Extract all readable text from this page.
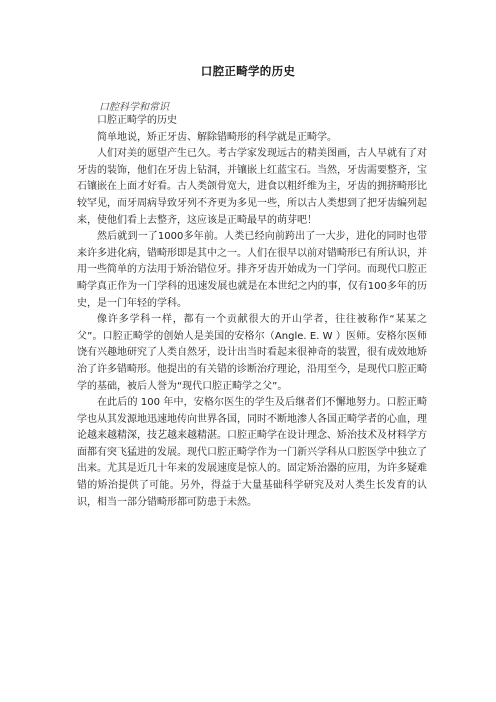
口腔正畸学的历史
口腔科学和常识

口腔正畸学的历史

简单地说，矫正牙齿、解除错畸形的科学就是正畸学。

人们对美的愿望产生已久。考古学家发现远古的精美图画，古人早就有了对牙齿的装饰，他们在牙齿上钻洞，并镶嵌上红蓝宝石。当然，牙齿需要整齐，宝石镶嵌在上面才好看。古人类颌骨宽大，进食以粗纤维为主，牙齿的拥挤畸形比较罕见，而牙周病导致牙列不齐更为多见一些，所以古人类想到了把牙齿编列起来，使他们看上去整齐，这应该是正畸最早的萌芽吧！

然后就到一了1000多年前。人类已经向前跨出了一大步，进化的同时也带来许多进化病，错畸形即是其中之一。人们在很早以前对错畸形已有所认识，并用一些简单的方法用于矫治错位牙。排齐牙齿开始成为一门学问。而现代口腔正畸学真正作为一门学科的迅速发展也就是在本世纪之内的事，仅有100多年的历史，是一门年轻的学科。

像许多学科一样，都有一个贡献很大的开山学者，往往被称作“某某之父”。口腔正畸学的创始人是美国的安格尔（Angle. E. W ）医师。安格尔医师饶有兴趣地研究了人类自然牙，设计出当时看起来很神奇的装置，很有成效地矫治了许多错畸形。他提出的有关错的诊断治疗理论，沿用至今，是现代口腔正畸学的基础，被后人誉为“现代口腔正畸学之父”。

在此后的 100 年中，安格尔医生的学生及后继者们不懈地努力。口腔正畸学也从其发源地迅速地传向世界各国，同时不断地渗人各国正畸学者的心血，理论越来越精深，技艺越来越精湛。口腔正畸学在设计理念、矫治技术及材料学方面都有突飞猛进的发展。现代口腔正畸学作为一门新兴学科从口腔医学中独立了出来。尤其是近几十年来的发展速度是惊人的。固定矫治器的应用，为许多疑难错的矫治提供了可能。另外，得益于大量基础科学研究及对人类生长发育的认识，相当一部分错畸形都可防患于未然。
